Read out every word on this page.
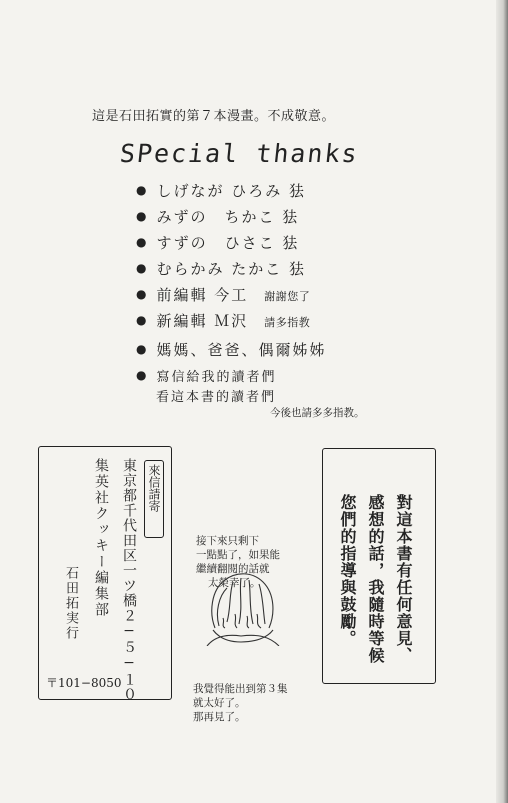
這是石田拓實的第７本漫畫。不成敬意。
SPecial thanks
● しげなが ひろみ 㹤
● みずの　ちかこ 㹤
● すずの　ひさこ 㹤
● むらかみ たかこ 㹤
● 前編輯 今工 謝謝您了
● 新編輯 Ｍ沢 請多指教
● 媽媽、爸爸、偶爾姊姊
● 寫信給我的讀者們
看這本書的讀者們
今後也請多多指教。
來信請寄
東京都千代田区一ツ橋２−５−１０
集英社クッキー編集部
石田拓実行
〒101−8050
接下來只剩下
一點點了，如果能
繼續翻閱的話就
太榮幸了。
我覺得能出到第３集
就太好了。
那再見了。
對這本書有任何意見、
感想的話，我隨時等候
您們的指導與鼓勵。
